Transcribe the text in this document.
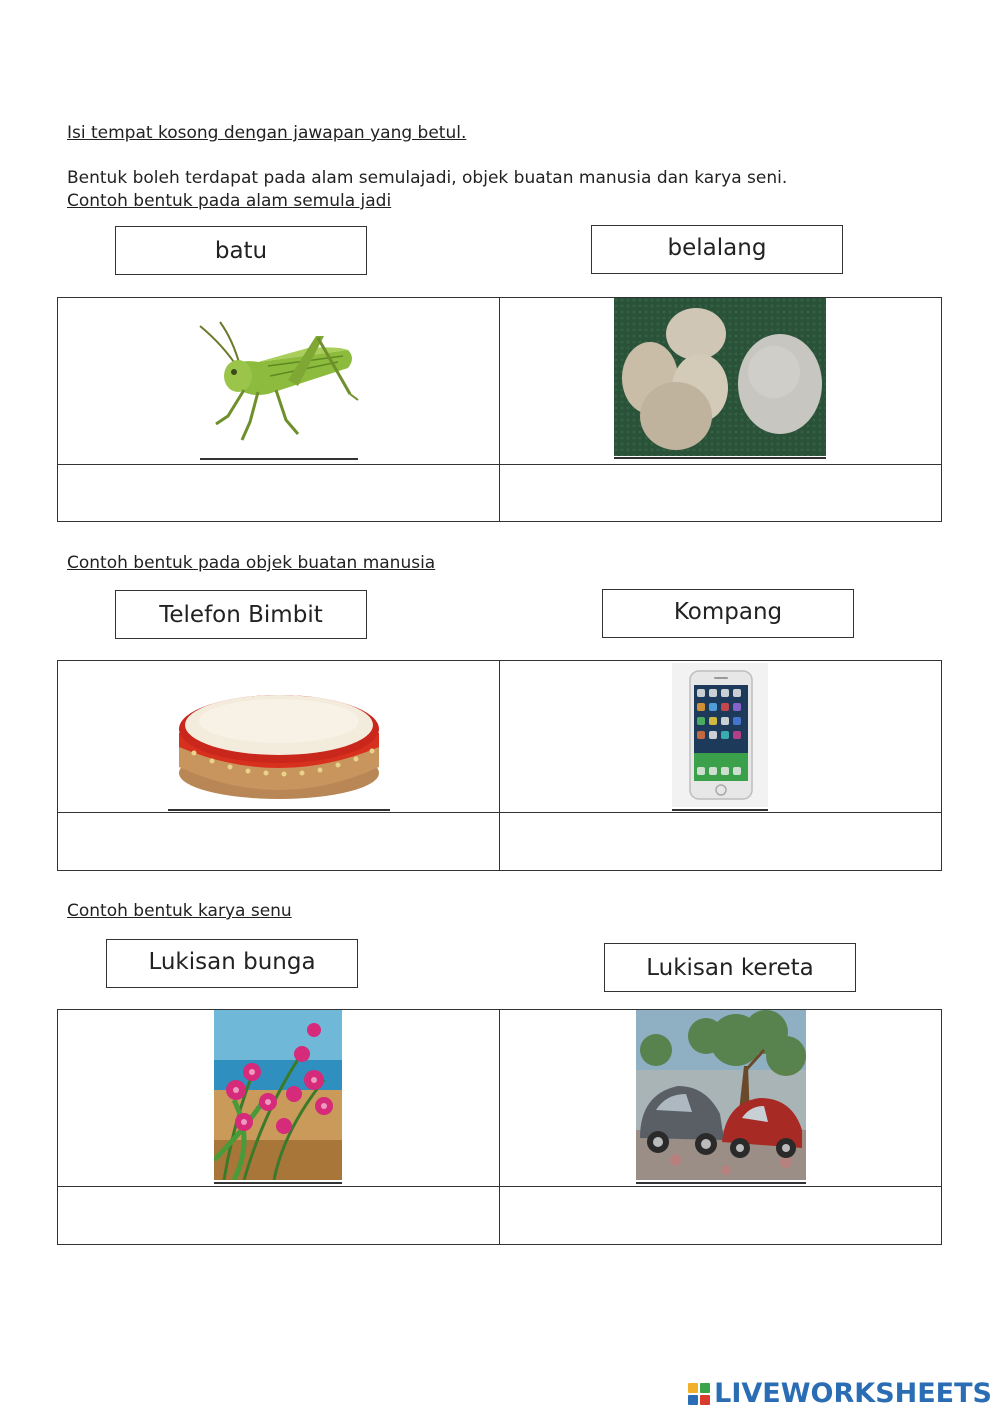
Isi tempat kosong dengan jawapan yang betul.
Bentuk boleh terdapat pada alam semulajadi, objek buatan manusia dan karya seni.
Contoh bentuk pada alam semula jadi
batu	belalang

Contoh bentuk pada objek buatan manusia
Telefon Bimbit	Kompang

Contoh bentuk karya senu
Lukisan bunga	Lukisan kereta

LIVEWORKSHEETS
